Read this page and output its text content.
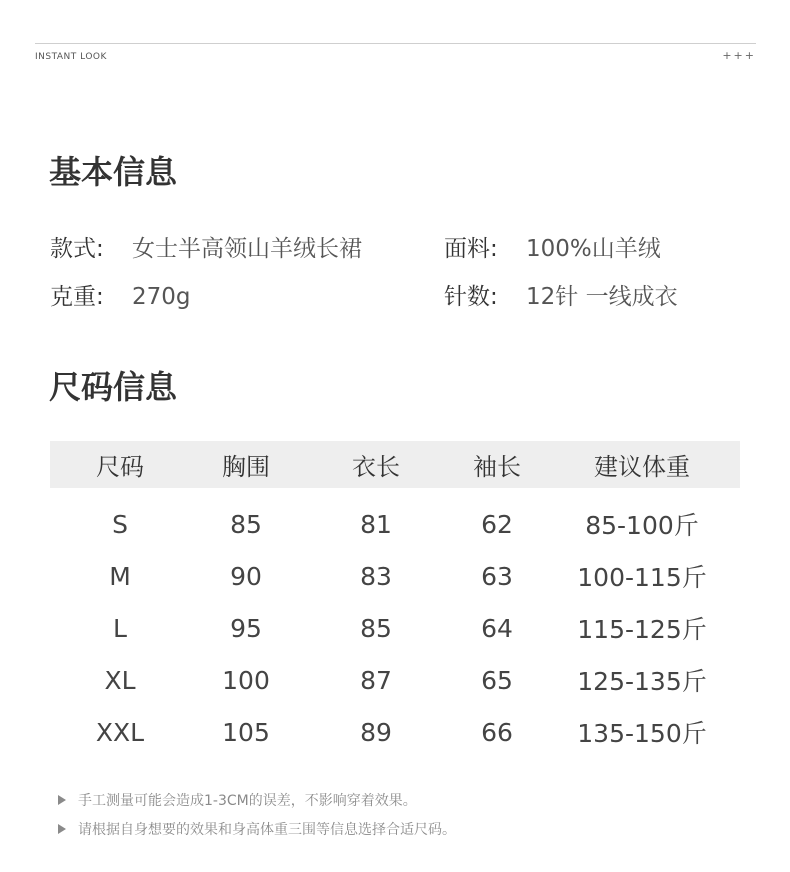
INSTANT LOOK	+++
基本信息
款式: 女士半高领山羊绒长裙	面料: 100%山羊绒
克重: 270g	针数: 12针 一线成衣
尺码信息
尺码	胸围	衣长	袖长	建议体重
S	85	81	62	85-100斤
M	90	83	63	100-115斤
L	95	85	64	115-125斤
XL	100	87	65	125-135斤
XXL	105	89	66	135-150斤
手工测量可能会造成1-3CM的误差，不影响穿着效果。
请根据自身想要的效果和身高体重三围等信息选择合适尺码。
